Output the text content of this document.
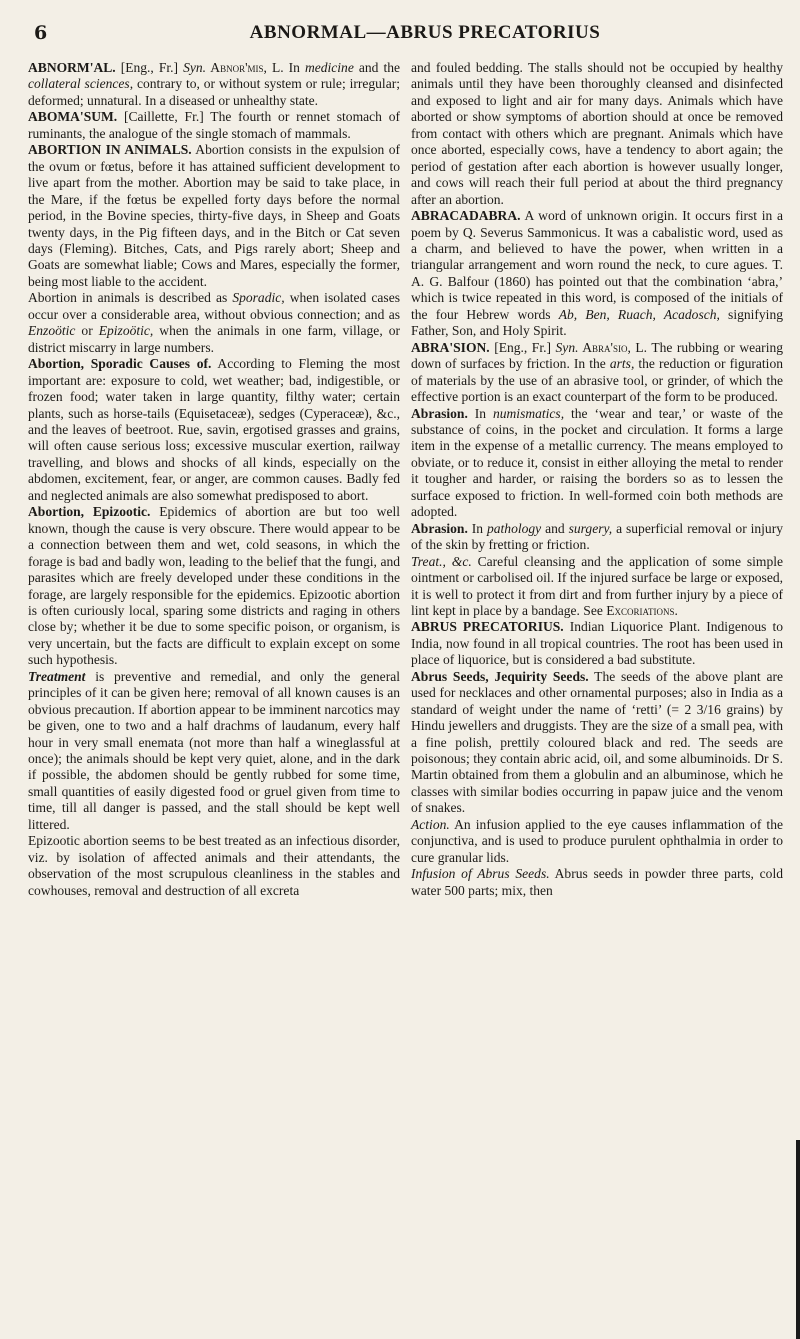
6	ABNORMAL—ABRUS PRECATORIUS

ABNORM'AL. [Eng., Fr.] Syn. Abnor'mis, L. In medicine and the collateral sciences, contrary to, or without system or rule; irregular; deformed; unnatural. In a diseased or unhealthy state.

ABOMA'SUM. [Caillette, Fr.] The fourth or rennet stomach of ruminants, the analogue of the single stomach of mammals.

ABORTION IN ANIMALS. Abortion consists in the expulsion of the ovum or fœtus, before it has attained sufficient development to live apart from the mother. Abortion may be said to take place, in the Mare, if the fœtus be expelled forty days before the normal period, in the Bovine species, thirty-five days, in Sheep and Goats twenty days, in the Pig fifteen days, and in the Bitch or Cat seven days (Fleming). Bitches, Cats, and Pigs rarely abort; Sheep and Goats are somewhat liable; Cows and Mares, especially the former, being most liable to the accident.

Abortion in animals is described as Sporadic, when isolated cases occur over a considerable area, without obvious connection; and as Enzoötic or Epizoötic, when the animals in one farm, village, or district miscarry in large numbers.

Abortion, Sporadic Causes of. According to Fleming the most important are: exposure to cold, wet weather; bad, indigestible, or frozen food; water taken in large quantity, filthy water; certain plants, such as horse-tails (Equisetaceæ), sedges (Cyperaceæ), &c., and the leaves of beetroot. Rue, savin, ergotised grasses and grains, will often cause serious loss; excessive muscular exertion, railway travelling, and blows and shocks of all kinds, especially on the abdomen, excitement, fear, or anger, are common causes. Badly fed and neglected animals are also somewhat predisposed to abort.

Abortion, Epizootic. Epidemics of abortion are but too well known, though the cause is very obscure. There would appear to be a connection between them and wet, cold seasons, in which the forage is bad and badly won, leading to the belief that the fungi, and parasites which are freely developed under these conditions in the forage, are largely responsible for the epidemics. Epizootic abortion is often curiously local, sparing some districts and raging in others close by; whether it be due to some specific poison, or organism, is very uncertain, but the facts are difficult to explain except on some such hypothesis.

Treatment is preventive and remedial, and only the general principles of it can be given here; removal of all known causes is an obvious precaution. If abortion appear to be imminent narcotics may be given, one to two and a half drachms of laudanum, every half hour in very small enemata (not more than half a wineglassful at once); the animals should be kept very quiet, alone, and in the dark if possible, the abdomen should be gently rubbed for some time, small quantities of easily digested food or gruel given from time to time, till all danger is passed, and the stall should be kept well littered.

Epizootic abortion seems to be best treated as an infectious disorder, viz. by isolation of affected animals and their attendants, the observation of the most scrupulous cleanliness in the stables and cowhouses, removal and destruction of all excreta

and fouled bedding. The stalls should not be occupied by healthy animals until they have been thoroughly cleansed and disinfected and exposed to light and air for many days. Animals which have aborted or show symptoms of abortion should at once be removed from contact with others which are pregnant. Animals which have once aborted, especially cows, have a tendency to abort again; the period of gestation after each abortion is however usually longer, and cows will reach their full period at about the third pregnancy after an abortion.

ABRACADABRA. A word of unknown origin. It occurs first in a poem by Q. Severus Sammonicus. It was a cabalistic word, used as a charm, and believed to have the power, when written in a triangular arrangement and worn round the neck, to cure agues. T. A. G. Balfour (1860) has pointed out that the combination ‘abra,’ which is twice repeated in this word, is composed of the initials of the four Hebrew words Ab, Ben, Ruach, Acadosch, signifying Father, Son, and Holy Spirit.

ABRA'SION. [Eng., Fr.] Syn. Abra'sio, L. The rubbing or wearing down of surfaces by friction. In the arts, the reduction or figuration of materials by the use of an abrasive tool, or grinder, of which the effective portion is an exact counterpart of the form to be produced.

Abrasion. In numismatics, the ‘wear and tear,’ or waste of the substance of coins, in the pocket and circulation. It forms a large item in the expense of a metallic currency. The means employed to obviate, or to reduce it, consist in either alloying the metal to render it tougher and harder, or raising the borders so as to lessen the surface exposed to friction. In well-formed coin both methods are adopted.

Abrasion. In pathology and surgery, a superficial removal or injury of the skin by fretting or friction.

Treat., &c. Careful cleansing and the application of some simple ointment or carbolised oil. If the injured surface be large or exposed, it is well to protect it from dirt and from further injury by a piece of lint kept in place by a bandage. See Excoriations.

ABRUS PRECATORIUS. Indian Liquorice Plant. Indigenous to India, now found in all tropical countries. The root has been used in place of liquorice, but is considered a bad substitute.

Abrus Seeds, Jequirity Seeds. The seeds of the above plant are used for necklaces and other ornamental purposes; also in India as a standard of weight under the name of ‘retti’ (= 2 3/16 grains) by Hindu jewellers and druggists. They are the size of a small pea, with a fine polish, prettily coloured black and red. The seeds are poisonous; they contain abric acid, oil, and some albuminoids. Dr S. Martin obtained from them a globulin and an albuminose, which he classes with similar bodies occurring in papaw juice and the venom of snakes.

Action. An infusion applied to the eye causes inflammation of the conjunctiva, and is used to produce purulent ophthalmia in order to cure granular lids.

Infusion of Abrus Seeds. Abrus seeds in powder three parts, cold water 500 parts; mix, then
